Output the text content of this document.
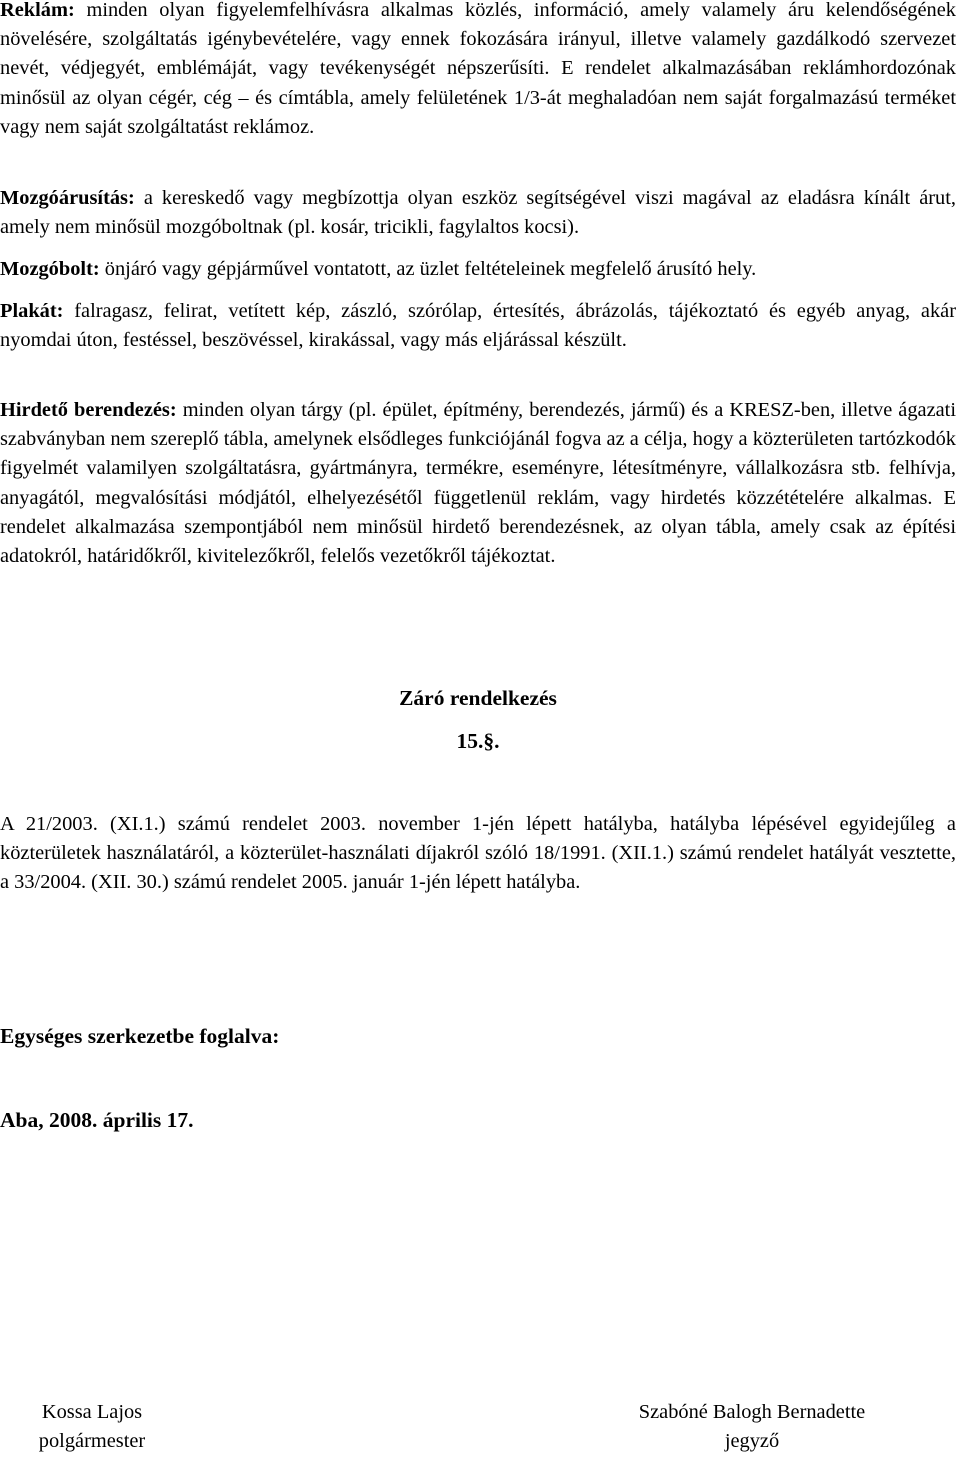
Reklám: minden olyan figyelemfelhívásra alkalmas közlés, információ, amely valamely áru kelendőségének növelésére, szolgáltatás igénybevételére, vagy ennek fokozására irányul, illetve valamely gazdálkodó szervezet nevét, védjegyét, emblémáját, vagy tevékenységét népszerűsíti. E rendelet alkalmazásában reklámhordozónak minősül az olyan cégér, cég – és címtábla, amely felületének 1/3-át meghaladóan nem saját forgalmazású terméket vagy nem saját szolgáltatást reklámoz.

Mozgóárusítás: a kereskedő vagy megbízottja olyan eszköz segítségével viszi magával az eladásra kínált árut, amely nem minősül mozgóboltnak (pl. kosár, tricikli, fagylaltos kocsi).

Mozgóbolt: önjáró vagy gépjárművel vontatott, az üzlet feltételeinek megfelelő árusító hely.

Plakát: falragasz, felirat, vetített kép, zászló, szórólap, értesítés, ábrázolás, tájékoztató és egyéb anyag, akár nyomdai úton, festéssel, beszövéssel, kirakással, vagy más eljárással készült.

Hirdető berendezés: minden olyan tárgy (pl. épület, építmény, berendezés, jármű) és a KRESZ-ben, illetve ágazati szabványban nem szereplő tábla, amelynek elsődleges funkciójánál fogva az a célja, hogy a közterületen tartózkodók figyelmét valamilyen szolgáltatásra, gyártmányra, termékre, eseményre, létesítményre, vállalkozásra stb. felhívja, anyagától, megvalósítási módjától, elhelyezésétől függetlenül reklám, vagy hirdetés közzétételére alkalmas. E rendelet alkalmazása szempontjából nem minősül hirdető berendezésnek, az olyan tábla, amely csak az építési adatokról, határidőkről, kivitelezőkről, felelős vezetőkről tájékoztat.

Záró rendelkezés
15.§.

A 21/2003. (XI.1.) számú rendelet 2003. november 1-jén lépett hatályba, hatályba lépésével egyidejűleg a közterületek használatáról, a közterület-használati díjakról szóló 18/1991. (XII.1.) számú rendelet hatályát vesztette, a 33/2004. (XII. 30.) számú rendelet 2005. január 1-jén lépett hatályba.

Egységes szerkezetbe foglalva:
Aba, 2008. április 17.
Kossa Lajos
polgármester
Szabóné Balogh Bernadette
jegyző
